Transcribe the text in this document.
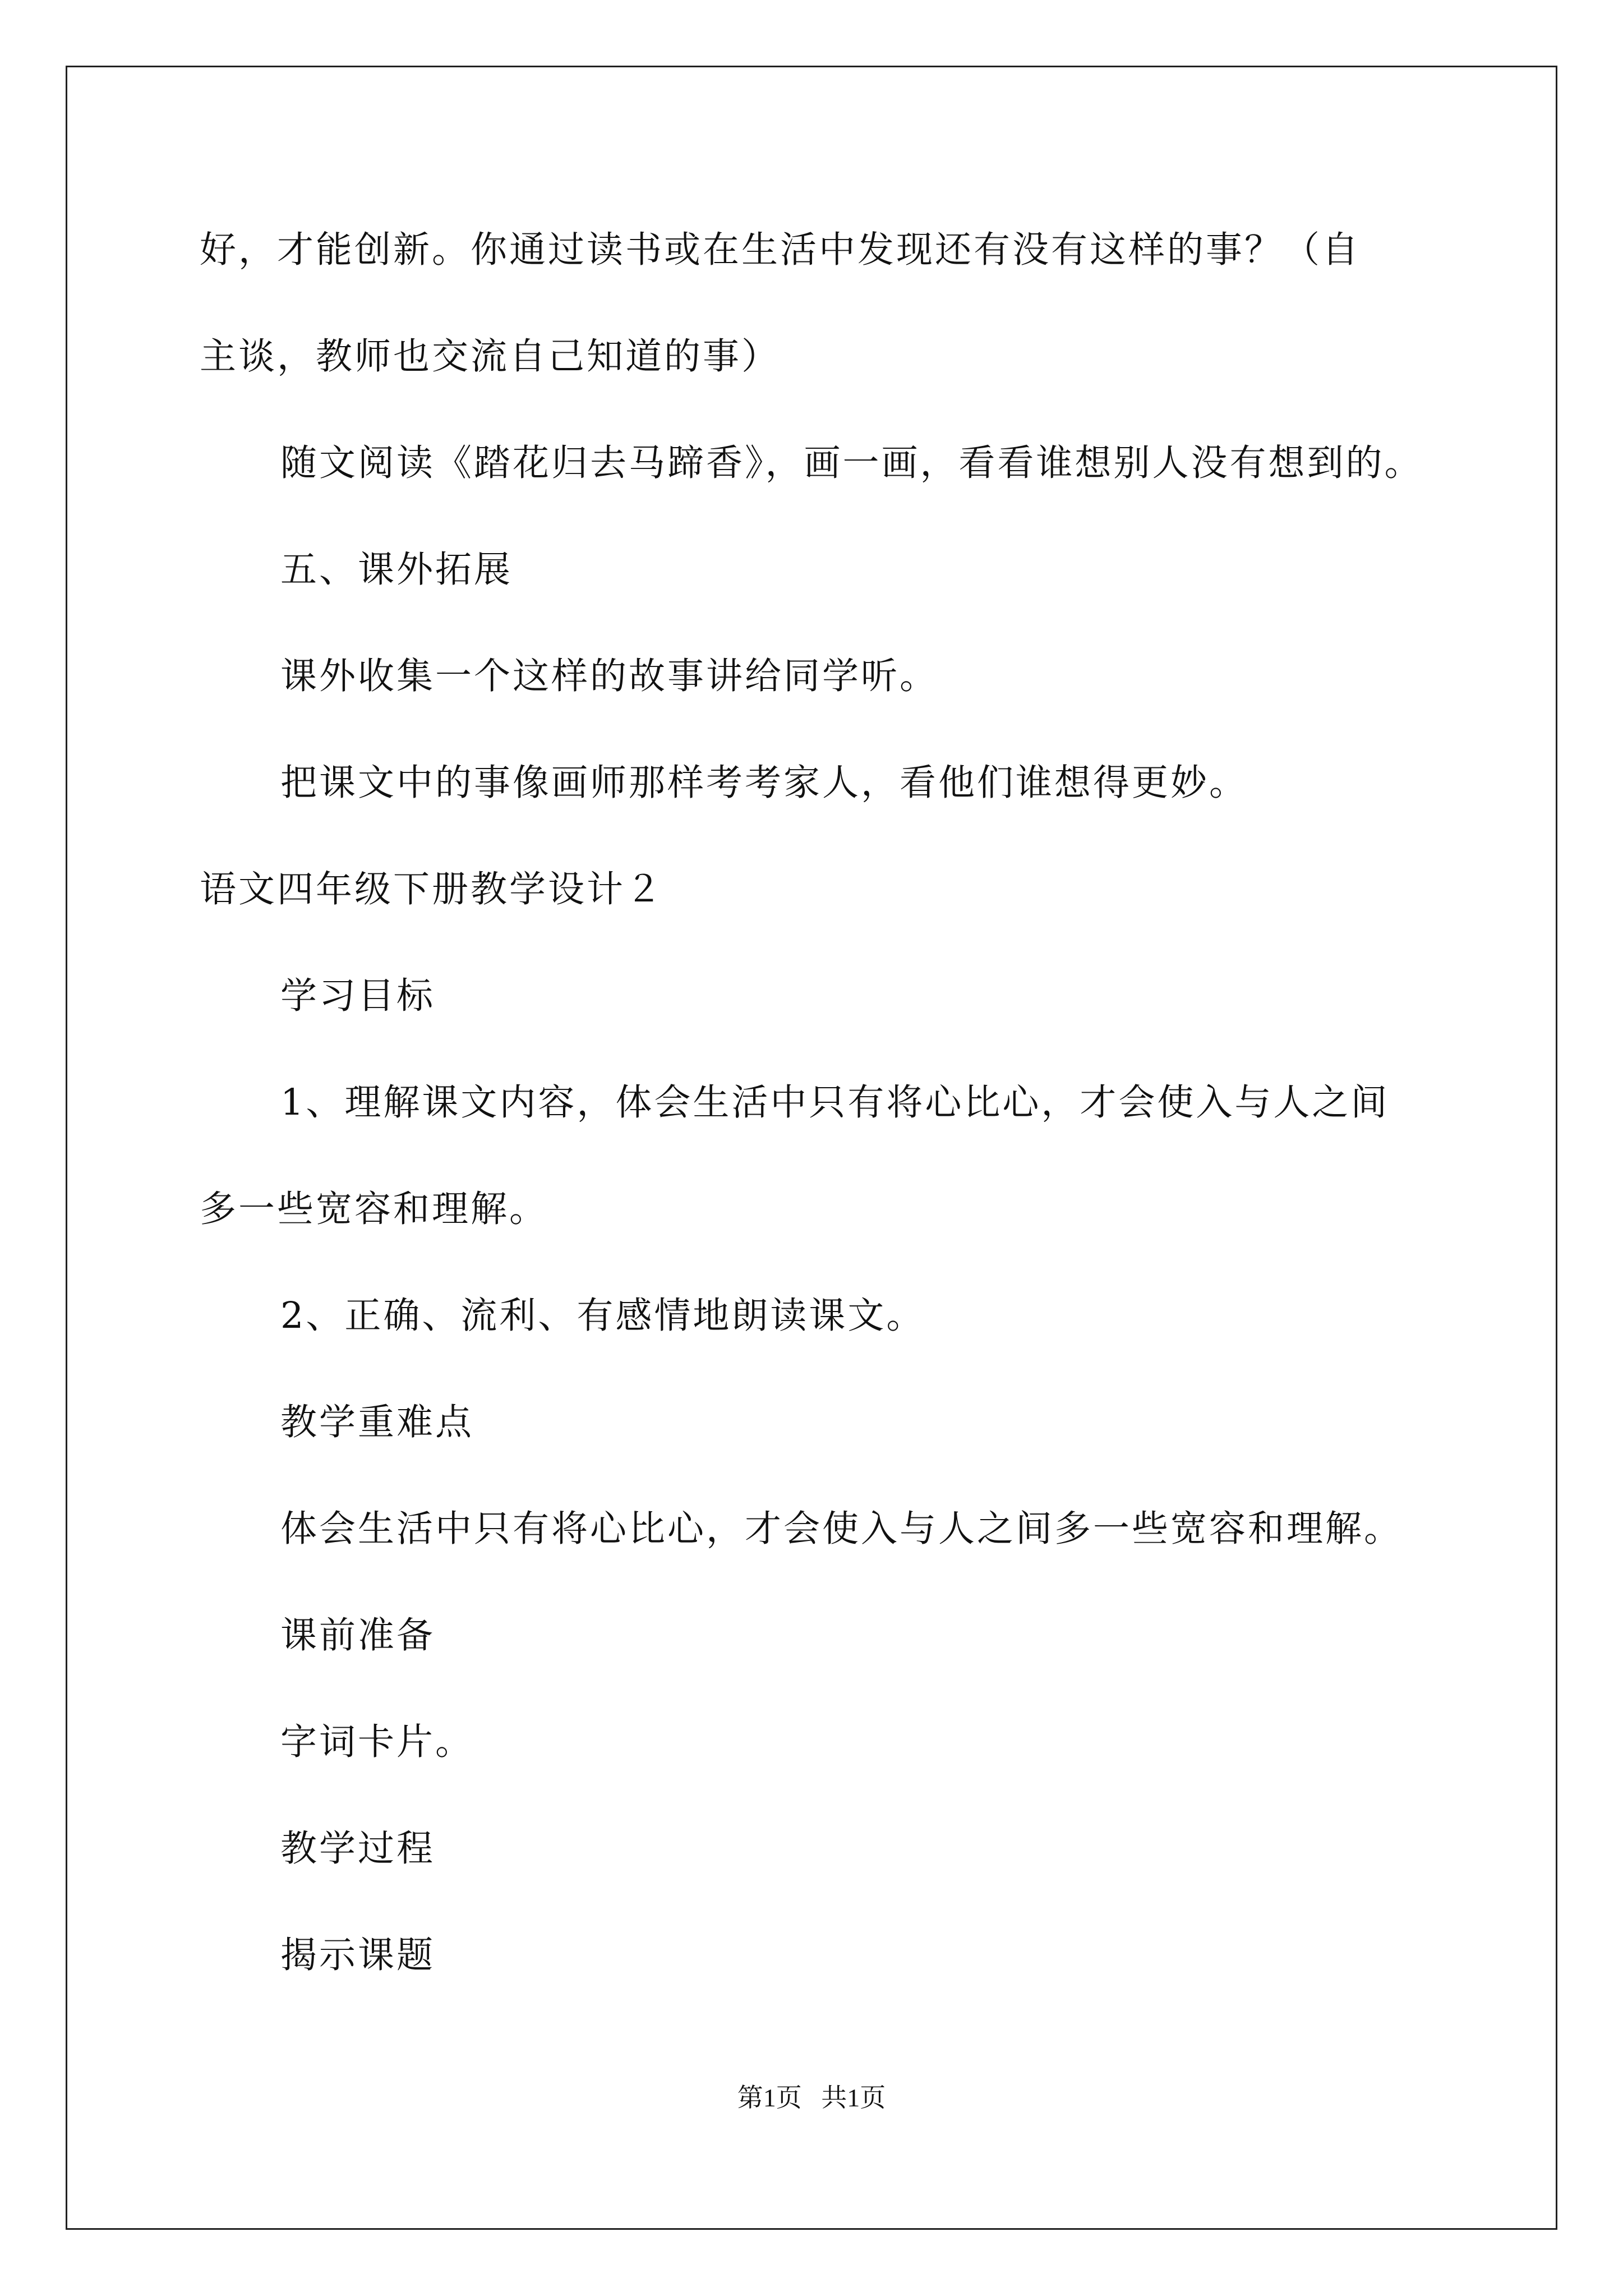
好，才能创新。你通过读书或在生活中发现还有没有这样的事？（自
主谈，教师也交流自己知道的事）
随文阅读《踏花归去马蹄香》，画一画，看看谁想别人没有想到的。
五、课外拓展
课外收集一个这样的故事讲给同学听。
把课文中的事像画师那样考考家人，看他们谁想得更妙。
语文四年级下册教学设计２
学习目标
1、理解课文内容，体会生活中只有将心比心，才会使入与人之间
多一些宽容和理解。
2、正确、流利、有感情地朗读课文。
教学重难点
体会生活中只有将心比心，才会使入与人之间多一些宽容和理解。
课前准备
字词卡片。
教学过程
揭示课题
第1页   共1页
